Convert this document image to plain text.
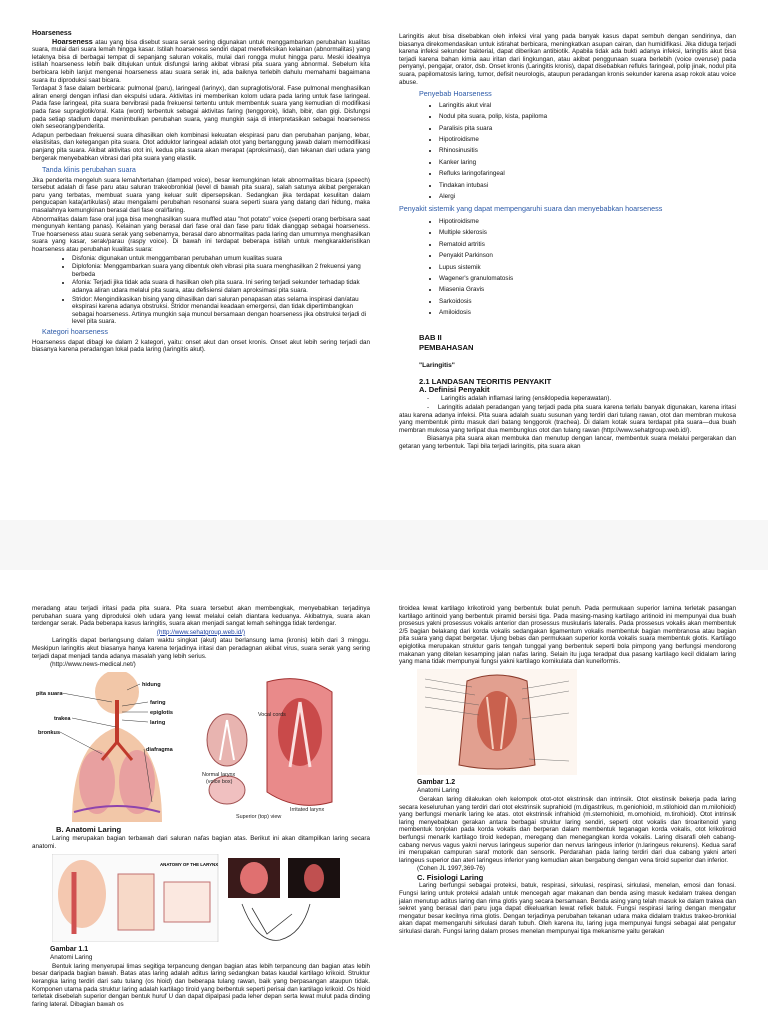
Hoarseness

Hoarseness atau yang bisa disebut suara serak sering digunakan untuk menggambarkan perubahan kualitas suara, mulai dari suara lemah hingga kasar. Istilah hoarseness sendiri dapat merefleksikan kelainan (abnormalitas) yang letaknya bisa di berbagai tempat di sepanjang saluran vokalis, mulai dari rongga mulut hingga paru. Meski idealnya istilah hoarseness lebih baik ditujukan untuk disfungsi laring akibat vibrasi pita suara yang abnormal. Sebelum kita berbicara lebih lanjut mengenai hoarseness atau suara serak ini, ada baiknya terlebih dahulu memahami bagaimana suara itu diproduksi saat bicara.

Terdapat 3 fase dalam berbicara: pulmonal (paru), laringeal (larinyx), dan supraglotis/oral. Fase pulmonal menghasilkan aliran energi dengan inflasi dan ekspulsi udara. Aktivitas ini memberikan kolom udara pada laring untuk fase laringeal. Pada fase laringeal, pita suara bervibrasi pada frekuensi tertentu untuk membentuk suara yang kemudian di modifikasi pada fase supraglotik/oral. Kata (word) terbentuk sebagai aktivitas faring (tenggorok), lidah, bibir, dan gigi. Disfungsi pada setiap stadium dapat menimbulkan perubahan suara, yang mungkin saja di interpretasikan sebagai hoarseness oleh seseorang/penderita.

Adapun perbedaan frekuensi suara dihasilkan oleh kombinasi kekuatan ekspirasi paru dan perubahan panjang, lebar, elastisitas, dan ketegangan pita suara. Otot adduktor laringeal adalah otot yang bertanggung jawab dalam memodifikasi panjang pita suara. Akibat aktivitas otot ini, kedua pita suara akan merapat (aproksimasi), dan tekanan dari udara yang bergerak menyebabkan vibrasi dari pita suara yang elastik.

Tanda klinis perubahan suara

Jika penderita mengeluh suara lemah/tertahan (damped voice), besar kemungkinan letak abnormalitas bicara (speech) tersebut adalah di fase paru atau saluran trakeobronkial (level di bawah pita suara), salah satunya akibat pergerakan paru yang terbatas, membuat suara yang keluar sulit dipersepsikan. Sedangkan jika terdapat kesulitan dalam pengucapan kata(artikulasi) atau mengalami perubahan resonansi suara seperti suara yang datang dari hidung, maka masalahnya kemungkinan berasal dari fase oral/faring.

Abnormalitas dalam fase oral juga bisa menghasilkan suara muffled atau "hot potato" voice (seperti orang berbisara saat mengunyah kentang panas). Kelainan yang berasal dari fase oral dan fase paru tidak dianggap sebagai hoarseness. True hoarseness atau suara serak yang sebenarnya, berasal daro abnormalitas pada laring dan umumnya menghasilkan suara yang kasar, serak/parau (raspy voice). Di bawah ini terdapat beberapa istilah untuk mengkarakteristikan hoarseness atau perubahan kualitas suara:

• Disfonia: digunakan untuk menggambaran perubahan umum kualitas suara
• Diplofonia: Menggambarkan suara yang dibentuk oleh vibrasi pita suara menghasilkan 2 frekuensi yang berbeda
• Afonia: Terjadi jika tidak ada suara di hasilkan oleh pita suara. Ini sering terjadi sekunder terhadap tidak adanya aliran udara melalui pita suara, atau defisiensi dalam aproksimasi pita suara.
• Stridor: Mengindikasikan bising yang dihasilkan dari saluran penapasan atas selama inspirasi dan/atau ekspirasi karena adanya obstruksi. Stridor menandai keadaan emergensi, dan tidak dipertimbangkan sebagai hoarseness. Artinya mungkin saja muncul bersamaan dengan hoarseness jika obstruksi terjadi di level pita suara.
Kategori hoarseness

Hoarseness dapat dibagi ke dalam 2 kategori, yaitu: onset akut dan onset kronis. Onset akut lebih sering terjadi dan biasanya karena peradangan lokal pada laring (laringitis akut).

Laringitis akut bisa disebabkan oleh infeksi viral yang pada banyak kasus dapat sembuh dengan sendirinya, dan biasanya direkomendasikan untuk istirahat berbicara, meningkatkan asupan cairan, dan humidifikasi. Jika diduga terjadi karena infeksi sekunder bakterial, dapat diberikan antibiotik. Apabila tidak ada bukti adanya infeksi, laringitis akut bisa terjadi karena bahan kimia aau iritan dari lingkungan, atau akibat penggunaan suara berlebih (voice overuse) pada penyanyi, pengajar, orator, dsb. Onset kronis (Laringitis kronis), dapat disebabkan refluks faringeal, polip jinak, nodul pita suara, papilomatosis laring, tumor, defisit neurologis, ataupun peradangan kronis sekunder karena asap rokok atau voice abuse.

Penyebab Hoarseness
• Laringitis akut viral
• Nodul pita suara, polip, kista, papiloma
• Paralisis pita suara
• Hipotiroidisme
• Rhinosinusitis
• Kanker laring
• Refluks laringofaringeal
• Tindakan intubasi
• Alergi
Penyakit sistemik yang dapat mempengaruhi suara dan menyebabkan hoarseness
• Hipotiroidisme
• Multiple sklerosis
• Rematoid artritis
• Penyakit Parkinson
• Lupus sistemik
• Wagener's granulomatosis
• Miasenia Gravis
• Sarkoidosis
• Amiloidosis
BAB II
PEMBAHASAN
"Laringitis"
2.1 LANDASAN TEORITIS PENYAKIT
A. Definisi Penyakit
- Laringitis adalah inflamasi laring (ensiklopedia keperawatan).

-    Laringitis adalah peradangan yang terjadi pada pita suara karena terlalu banyak digunakan, karena iritasi atau karena adanya infeksi. Pita suara adalah suatu susunan yang terdiri dari tulang rawan, otot dan membran mukosa yang membentuk pintu masuk dari batang tenggorok (trachea). Di dalam kotak suara terdapat pita suara—dua buah membran mukosa yang terlipat dua membungkus otot dan tulang rawan (http://www.sehatgroup.web.id/).

Biasanya pita suara akan membuka dan menutup dengan lancar, membentuk suara melalui pergerakan dan getaran yang terbentuk. Tapi bila terjadi laringitis, pita suara akan

meradang atau terjadi iritasi pada pita suara. Pita suara tersebut akan membengkak, menyebabkan terjadinya perubahan suara yang diproduksi oleh udara yang lewat melalui celah diantara keduanya. Akibatnya, suara akan terdengar serak. Pada beberapa kasus laringitis, suara akan menjadi sangat lemah sehingga tidak terdengar.

(http://www.sehatgroup.web.id/)

Laringitis dapat berlangsung dalam waktu singkat (akut) atau berlansung lama (kronis) lebih dari 3 minggu. Meskipun laringitis akut biasanya hanya karena terjadinya iritasi dan peradagnan akibat virus, suara serak yang sering terjadi dapat menjadi tanda adanya masalah yang lebih serius.

(http://www.news-medical.net/)
hidung
pita suara
faring
epiglotis
trakea
laring
bronkus
diafragma
Vocal cords
Normal larynx
(voice box)
Irritated larynx
Superior (top) view
B. Anatomi Laring

Laring merupakan bagian terbawah dari saluran nafas bagian atas. Berikut ini akan ditampilkan laring secara anatomi.

ANATOMY OF THE LARYNX
Gambar 1.1
Anatomi Laring

Bentuk laring menyerupai limas segitiga terpancung dengan bagian atas lebih terpancung dan bagian atas lebih besar daripada bagian bawah. Batas atas laring adalah aditus laring sedangkan batas kaudal kartilago krikoid. Struktur kerangka laring terdiri dari satu tulang (os hioid) dan beberapa tulang rawan, baik yang berpasangan ataupun tidak. Komponen utama pada struktur laring adalah kartilago tiroid yang berbentuk seperti perisai dan kartilago krikoid. Os hioid terletak disebelah superior dengan bentuk huruf U dan dapat dipalpasi pada leher depan serta lewat mulut pada dinding faring lateral. Dibagian bawah os

tiroidea lewat kartilago krikotiroid yang berbentuk bulat penuh. Pada permukaan superior lamina terletak pasangan kartilago aritinoid yang berbentuk piramid bersisi tiga. Pada masing-masing kartilago aritinoid ini mempunyai dua buah prosesus yakni prosessus vokalis anterior dan prosessus muskularis lateralis. Pada prossesus vokalis akan membentuk 2/5 bagian belakang dari korda vokalis sedangakan ligamentum vokalis membentuk bagian membranosa atau bagian pita suara yang dapat bergetar. Ujung bebas dan permukaan superior korda vokalis suara membentuk glotis. Kartilago epiglotika merupakan struktur garis tengah tunggal yang berbentuk seperti bola pimpong yang berfungsi mendorong makanan yang ditelan kesamping jalan nafas laring. Selain itu juga teradpat dua pasang kartilago kecil didalam laring yang mana tidak mempunyai fungsi yakni kartilago kornikulata dan kuneiformis.

Gambar 1.2
Anatomi Laring

Gerakan laring dilakukan oleh kelompok otot-otot ekstrinsik dan intrinsik. Otot ekstinsik bekerja pada laring secara keseluruhan yang terdiri dari otot ekstrinsik suprahioid (m.digastrikus, m.geniohioid, m.stilohioid dan m.milohioid) yang berfungsi menarik laring ke atas. otot ekstrinsik infrahioid (m.sternohioid, m.omohioid, m.tirohioid). Otot intrinsik laring menyebabkan gerakan antara berbagai struktur laring sendiri, seperti otot vokalis dan tiroaritenoid yang membentuk tonjolan pada korda vokalis dan berperan dalam membentuk teganagan korda vokalis, otot krikotiroid berfungsi menarik kartilago tiroid kedepan, meregang dan menegangkan korda vokalis. Laring disarafi oleh cabang-cabang nervus vagus yakni nervus laringeus superior dan nervus laringeus inferior (n.laringeus rekurens). Kedua saraf ini merupakan campuran saraf motorik dan sensorik. Perdarahan pada laring terdiri dari dua cabang yakni arteri laringeus superior dan ateri laringeus inferior yang kemudian akan bergabung dengan vena tiroid superior dan inferior.

(Cohen JL 1997,369-76)
C. Fisiologi Laring

Laring berfungsi sebagai proteksi, batuk, respirasi, sirkulasi, respirasi, sirkulasi, menelan, emosi dan fonasi. Fungsi laring untuk proteksi adalah untuk mencegah agar makanan dan benda asing masuk kedalam trakea dengan jalan menutup aditus laring dan rima glotis yang secara bersamaan. Benda asing yang telah masuk ke dalam trakea dan sekret yang berasal dari paru juga dapat dikeluarkan lewat refiek batuk. Fungsi respirasi laring dengan mengatur mengatur besar kecilnya rima glotis. Dengan terjadinya perubahan tekanan udara maka didalam traktus trakeo-bronkial akan dapat memengaruhi sirkulasi darah tubuh. Oleh karena itu, laring juga mempunyai fungsi sebagai alat pengatur sirkulasi darah. Fungsi laring dalam proses menelan mempunyai tiga mekanisme yaitu gerakan
